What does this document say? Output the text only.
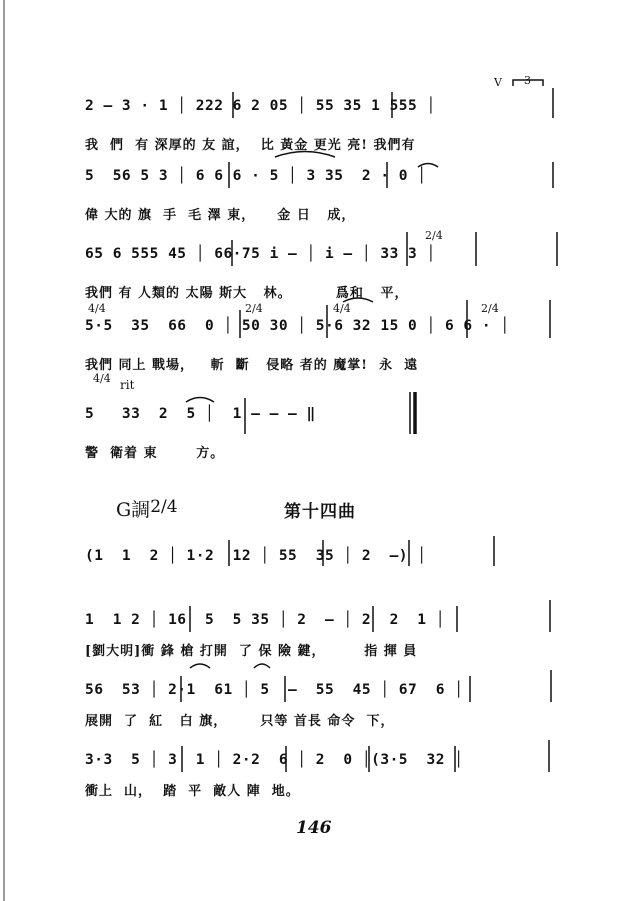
2/4
4/4	2/4	4/4	2/4
4/4 rit
V 3
2 — 3 · 1 │ 222 6 2 05 │ 55 35 1 555 │
我  們  有 深厚的 友 誼，  比 黃金 更光 亮! 我們有
5  56 5 3 │ 6 6 6 · 5 │ 3 35  2 · 0 │
偉 大的 旗  手  毛 澤 東，    金 日   成，
65 6 555 45 │ 66·75 i — │ i — │ 33 3 │
我們 有 人類的 太陽 斯大   林。        爲和   平，
5·5  35  66  0 │ 50 30 │ 5·6 32 15 0 │ 6 6 · │
我們 同上 戰場，   斬  斷   侵略 者的 魔掌!  永  遠
5   33  2  5 │  1 — — — ‖
警  衛着 東       方。
G調2/4	第十四曲
(1  1  2 │ 1·2  12 │ 55  35 │ 2  —) │
1  1 2 │ 16  5  5 35 │ 2  — │ 2  2  1 │
[劉大明]衝 鋒 槍 打開  了 保 險 鍵，       指 揮 員
56  53 │ 2·1  61 │ 5  —  55  45 │ 67  6 │
展開  了  紅   白 旗，      只等 首長 命令  下，
3·3  5 │ 3  1 │ 2·2  6 │ 2  0 │(3·5  32 │
衝上  山，  踏  平  敵人 陣  地。
146
